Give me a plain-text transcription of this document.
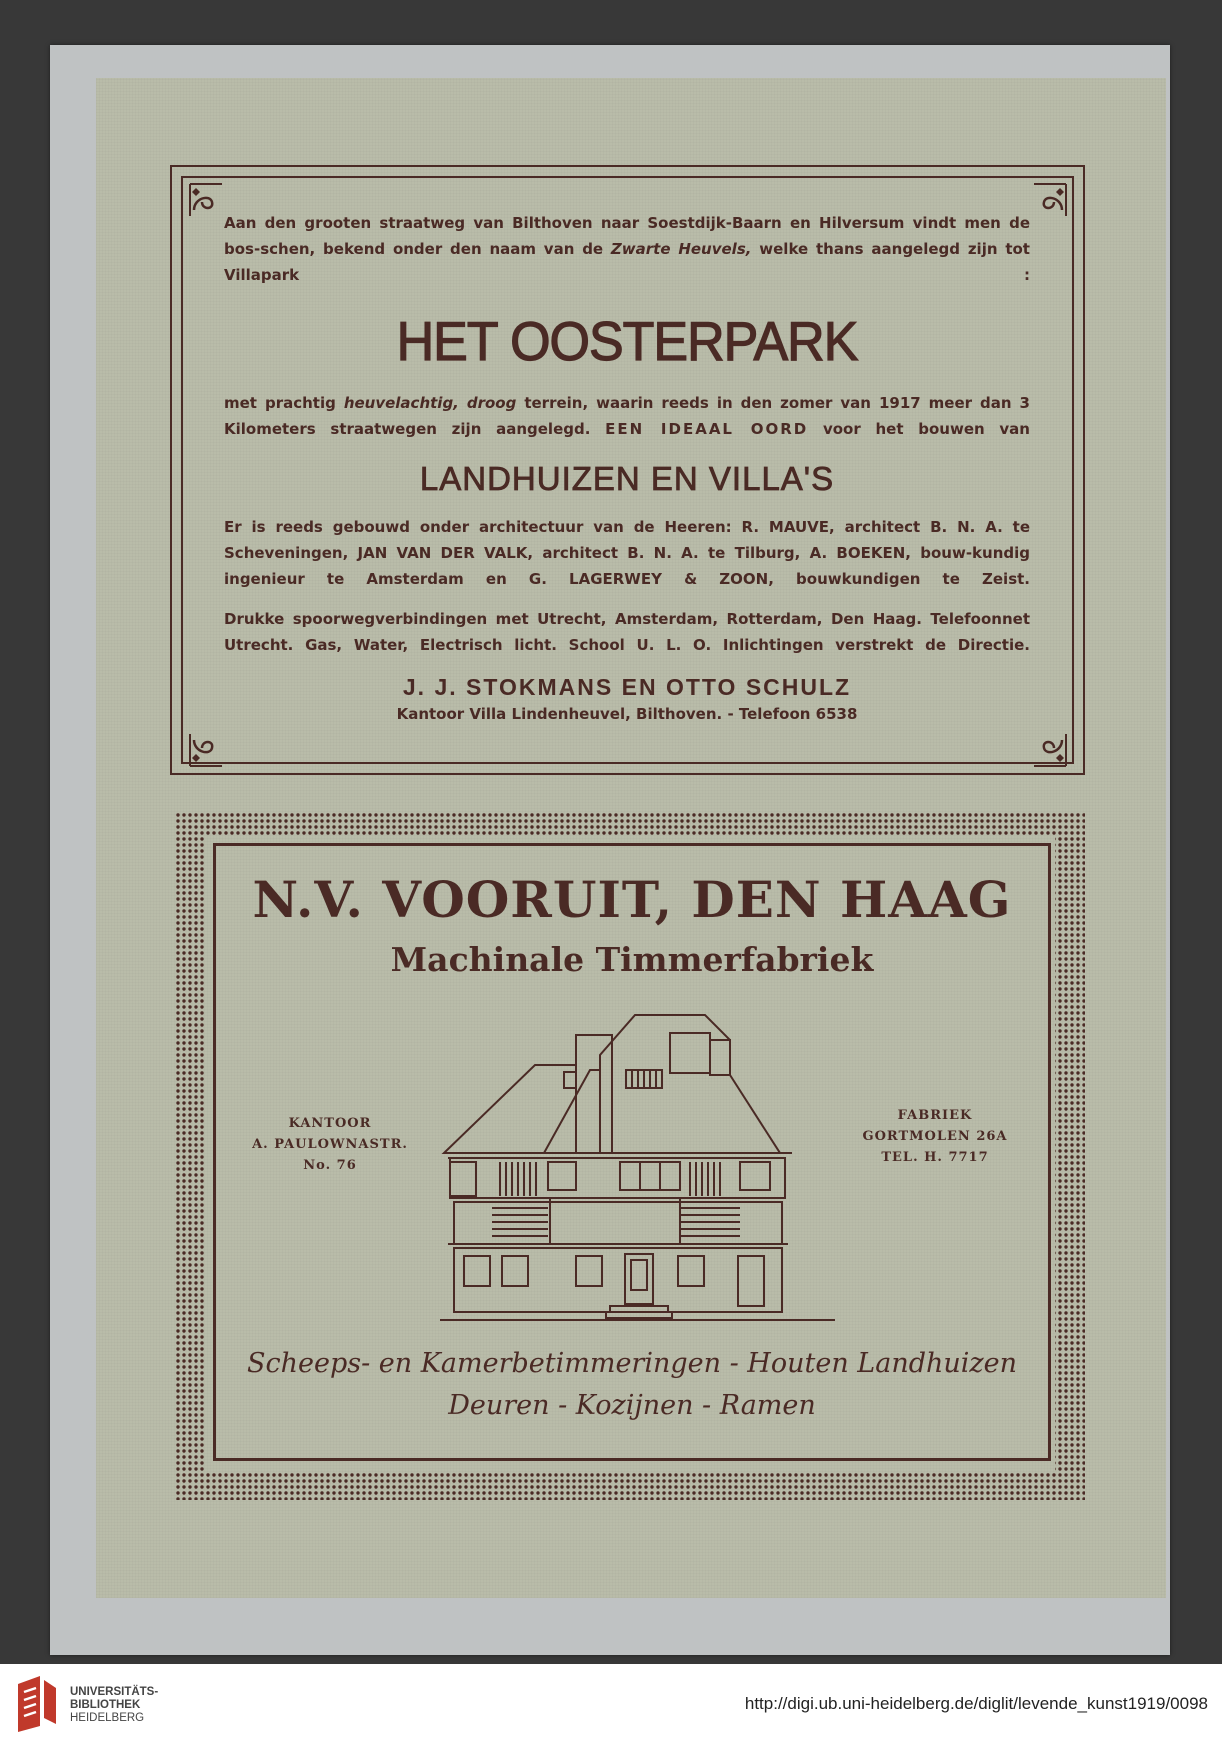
Aan den grooten straatweg van Bilthoven naar Soestdijk-Baarn en Hilversum vindt men de bos-schen, bekend onder den naam van de Zwarte Heuvels, welke thans aangelegd zijn tot Villapark :
HET OOSTERPARK
met prachtig heuvelachtig, droog terrein, waarin reeds in den zomer van 1917 meer dan 3 Kilometers straatwegen zijn aangelegd. EEN IDEAAL OORD voor het bouwen van
LANDHUIZEN EN VILLA'S
Er is reeds gebouwd onder architectuur van de Heeren: R. MAUVE, architect B. N. A. te Scheveningen, JAN VAN DER VALK, architect B. N. A. te Tilburg, A. BOEKEN, bouw-kundig ingenieur te Amsterdam en G. LAGERWEY & ZOON, bouwkundigen te Zeist.
Drukke spoorwegverbindingen met Utrecht, Amsterdam, Rotterdam, Den Haag. Telefoonnet Utrecht. Gas, Water, Electrisch licht. School U. L. O. Inlichtingen verstrekt de Directie.
J. J. STOKMANS EN OTTO SCHULZ
Kantoor Villa Lindenheuvel, Bilthoven. - Telefoon 6538
N.V. VOORUIT, DEN HAAG
Machinale Timmerfabriek
KANTOOR
A. PAULOWNASTR.
No. 76
FABRIEK
GORTMOLEN 26A
TEL. H. 7717
Scheeps- en Kamerbetimmeringen - Houten Landhuizen
Deuren - Kozijnen - Ramen
UNIVERSITÄTS-
BIBLIOTHEK
HEIDELBERG
http://digi.ub.uni-heidelberg.de/diglit/levende_kunst1919/0098
